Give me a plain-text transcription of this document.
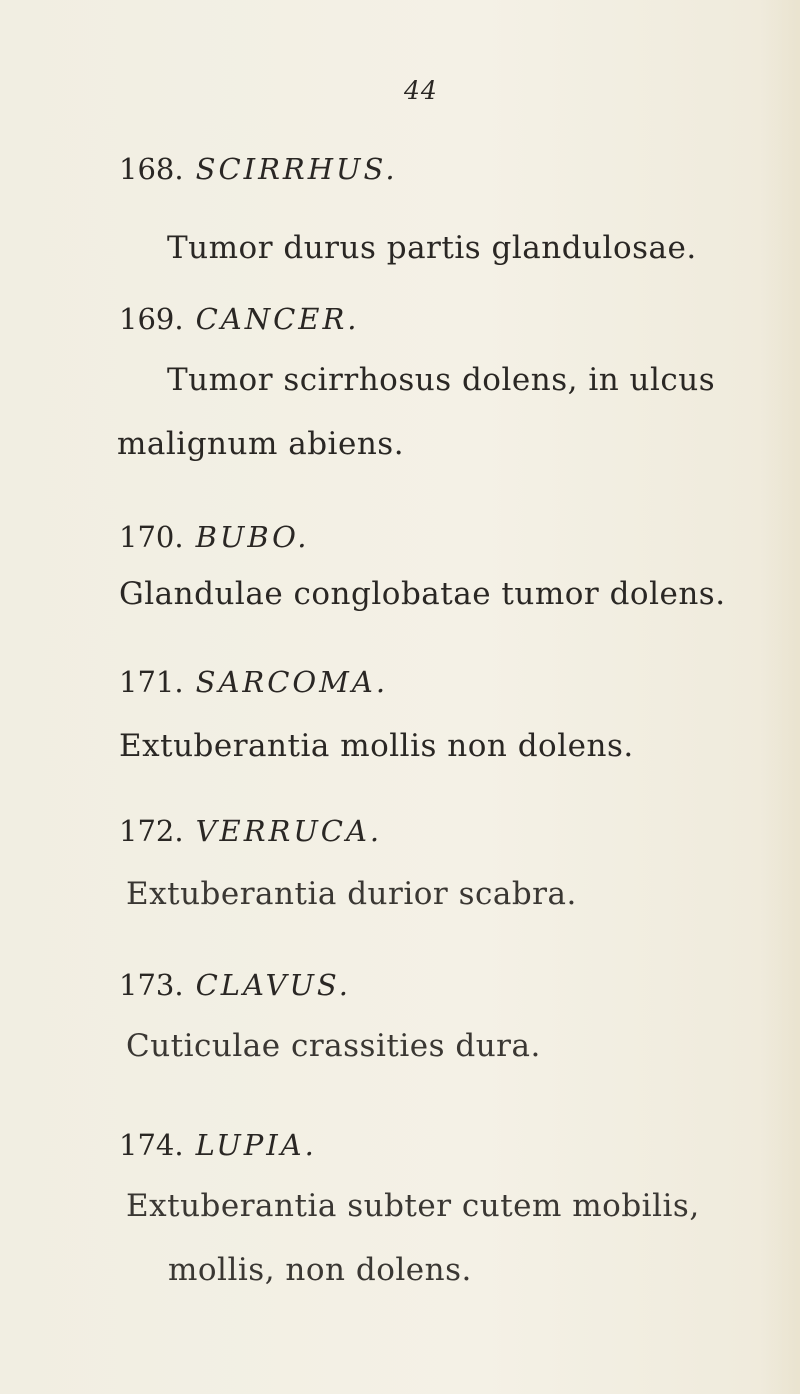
44
168. SCIRRHUS.
Tumor durus partis glandulosae.
169. CANCER.
Tumor scirrhosus dolens, in ulcus
malignum abiens.
170. BUBO.
Glandulae conglobatae tumor dolens.
171. SARCOMA.
Extuberantia mollis non dolens.
172. VERRUCA.
Extuberantia durior scabra.
173. CLAVUS.
Cuticulae crassities dura.
174. LUPIA.
Extuberantia subter cutem mobilis,
mollis, non dolens.
